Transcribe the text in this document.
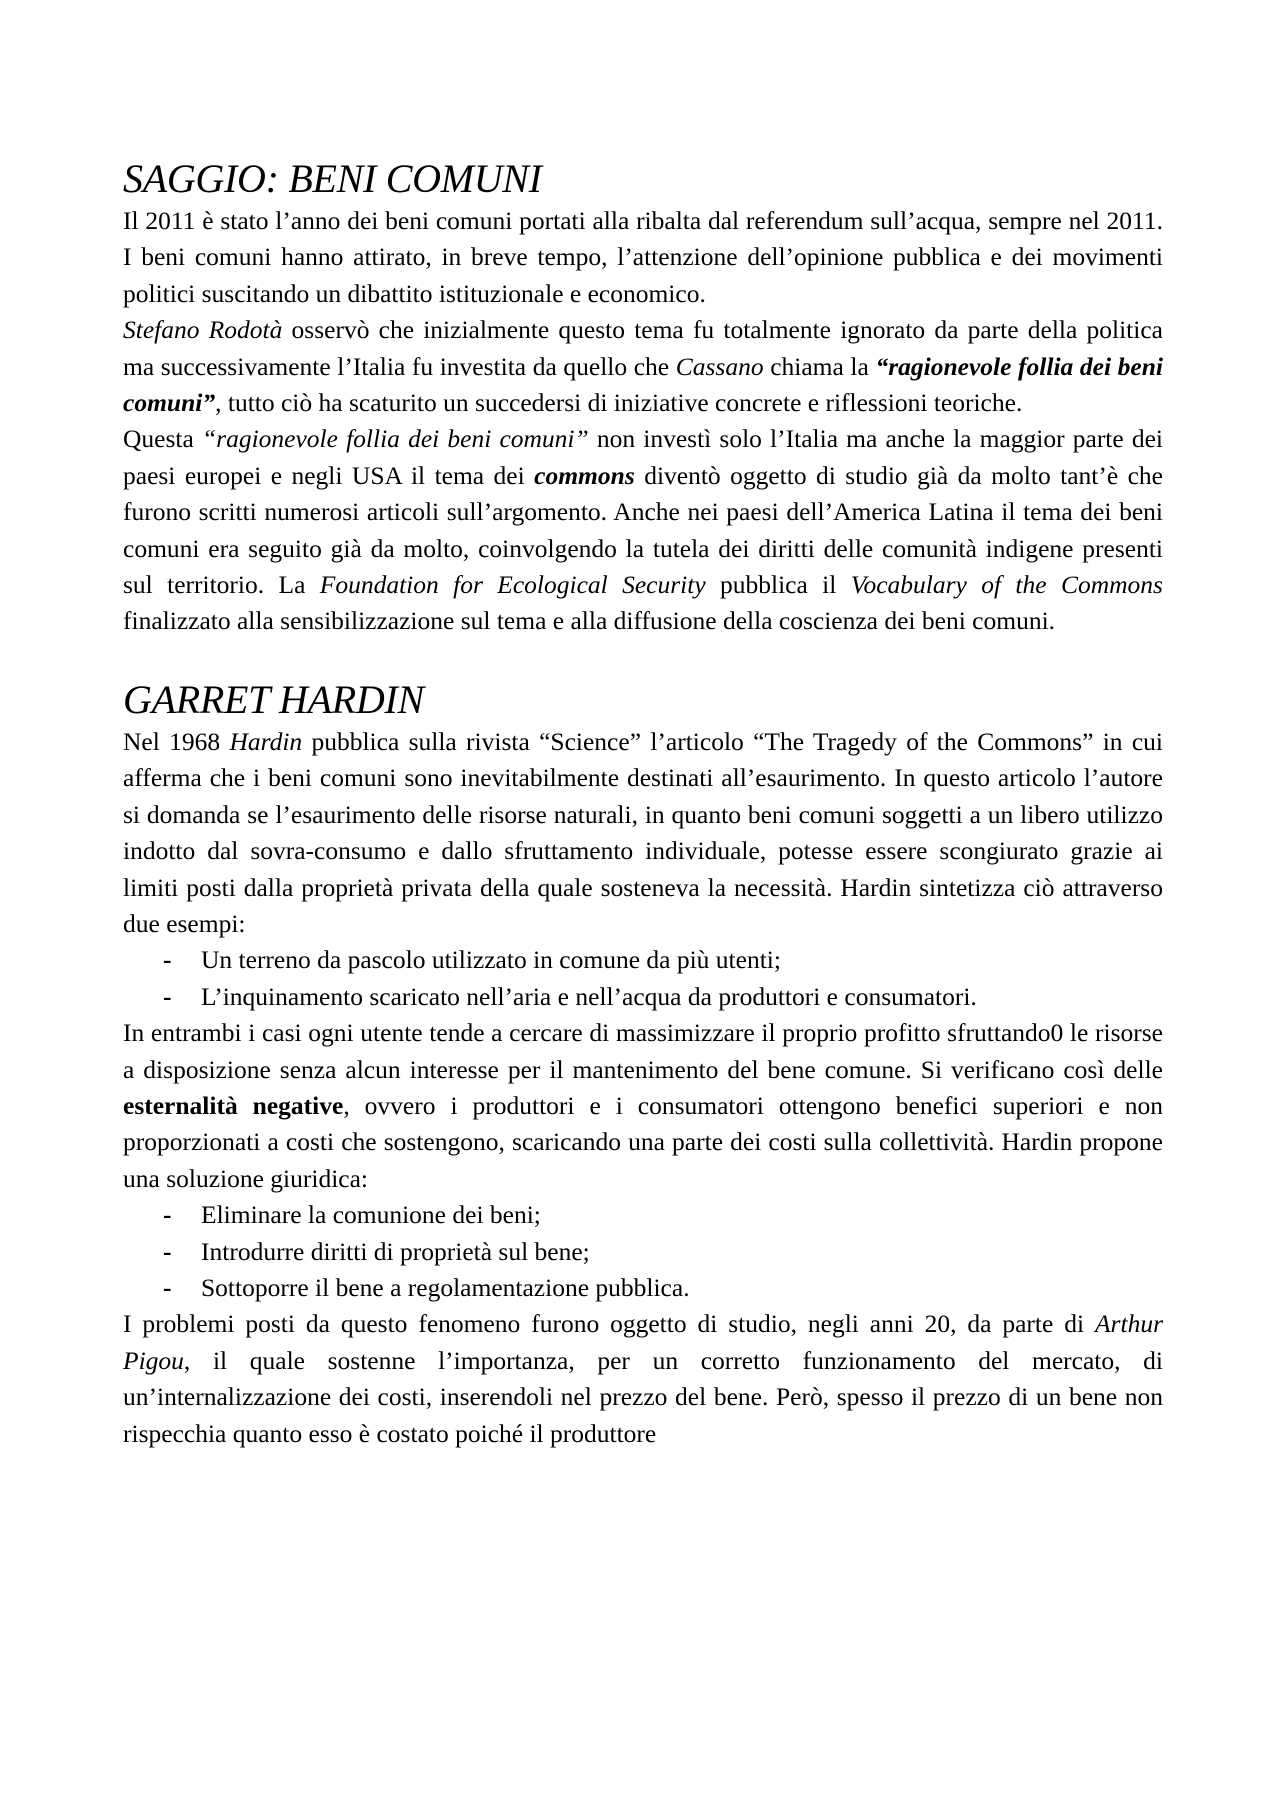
SAGGIO: BENI COMUNI

Il 2011 è stato l’anno dei beni comuni portati alla ribalta dal referendum sull’acqua, sempre nel 2011. I beni comuni hanno attirato, in breve tempo, l’attenzione dell’opinione pubblica e dei movimenti politici suscitando un dibattito istituzionale e economico.

Stefano Rodotà osservò che inizialmente questo tema fu totalmente ignorato da parte della politica ma successivamente l’Italia fu investita da quello che Cassano chiama la “ragionevole follia dei beni comuni”, tutto ciò ha scaturito un succedersi di iniziative concrete e riflessioni teoriche.

Questa “ragionevole follia dei beni comuni” non investì solo l’Italia ma anche la maggior parte dei paesi europei e negli USA il tema dei commons diventò oggetto di studio già da molto tant’è che furono scritti numerosi articoli sull’argomento. Anche nei paesi dell’America Latina il tema dei beni comuni era seguito già da molto, coinvolgendo la tutela dei diritti delle comunità indigene presenti sul territorio. La Foundation for Ecological Security pubblica il Vocabulary of the Commons finalizzato alla sensibilizzazione sul tema e alla diffusione della coscienza dei beni comuni.

GARRET HARDIN

Nel 1968 Hardin pubblica sulla rivista “Science” l’articolo “The Tragedy of the Commons” in cui afferma che i beni comuni sono inevitabilmente destinati all’esaurimento. In questo articolo l’autore si domanda se l’esaurimento delle risorse naturali, in quanto beni comuni soggetti a un libero utilizzo indotto dal sovra-consumo e dallo sfruttamento individuale, potesse essere scongiurato grazie ai limiti posti dalla proprietà privata della quale sosteneva la necessità. Hardin sintetizza ciò attraverso due esempi:

- Un terreno da pascolo utilizzato in comune da più utenti;
- L’inquinamento scaricato nell’aria e nell’acqua da produttori e consumatori.

In entrambi i casi ogni utente tende a cercare di massimizzare il proprio profitto sfruttando0 le risorse a disposizione senza alcun interesse per il mantenimento del bene comune. Si verificano così delle esternalità negative, ovvero i produttori e i consumatori ottengono benefici superiori e non proporzionati a costi che sostengono, scaricando una parte dei costi sulla collettività. Hardin propone una soluzione giuridica:

- Eliminare la comunione dei beni;
- Introdurre diritti di proprietà sul bene;
- Sottoporre il bene a regolamentazione pubblica.

I problemi posti da questo fenomeno furono oggetto di studio, negli anni 20, da parte di Arthur Pigou, il quale sostenne l’importanza, per un corretto funzionamento del mercato, di un’internalizzazione dei costi, inserendoli nel prezzo del bene. Però, spesso il prezzo di un bene non rispecchia quanto esso è costato poiché il produttore
